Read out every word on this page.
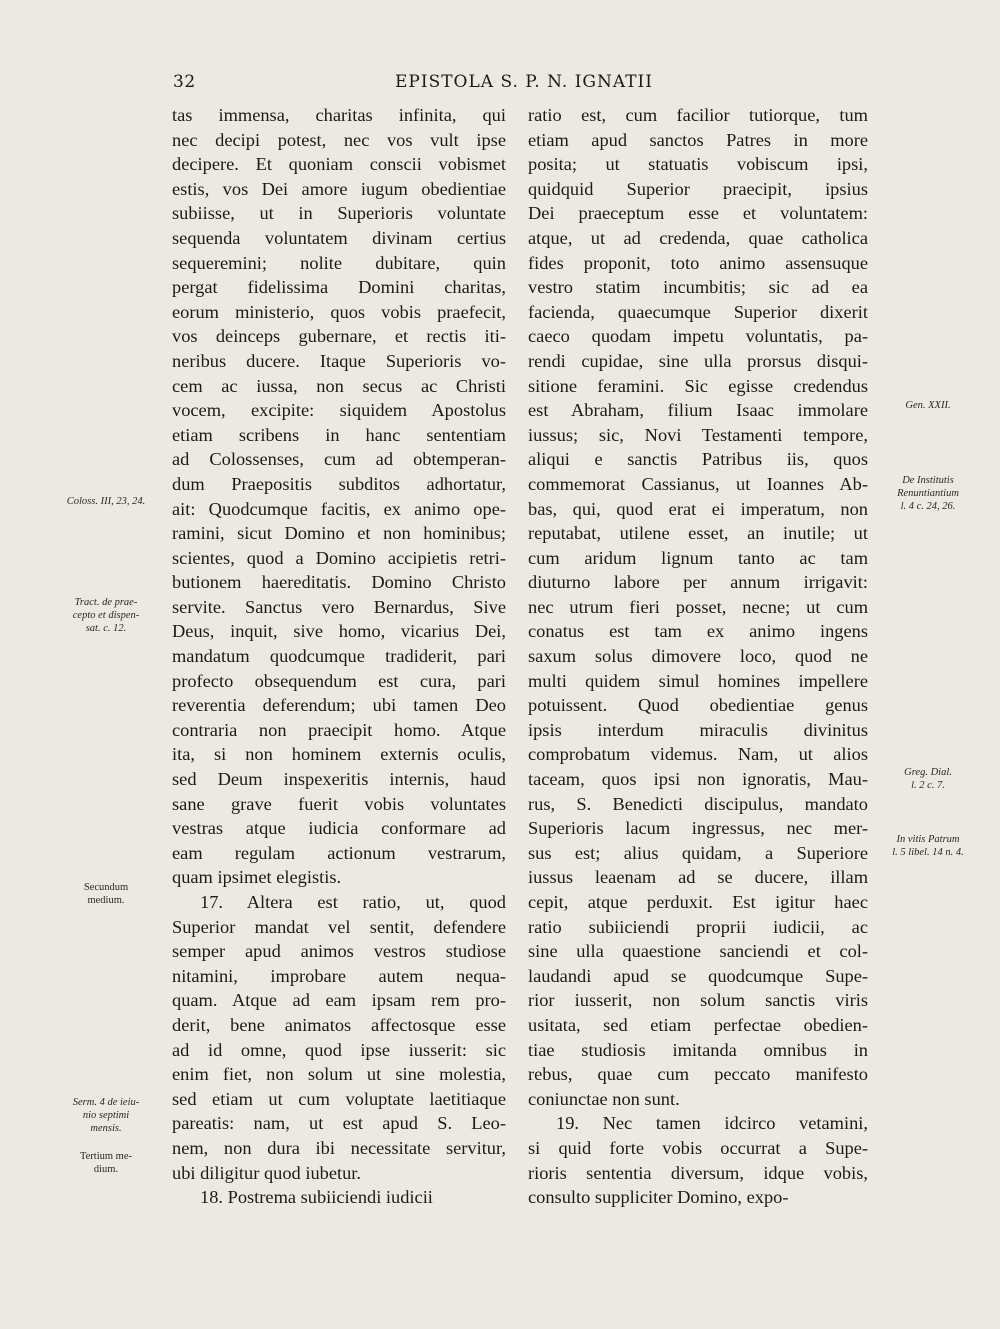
32	EPISTOLA S. P. N. IGNATII
tas immensa, charitas infinita, qui
nec decipi potest, nec vos vult ipse
decipere. Et quoniam conscii vobismet
estis, vos Dei amore iugum obedientiae
subiisse, ut in Superioris voluntate
sequenda voluntatem divinam certius
sequeremini; nolite dubitare, quin
pergat fidelissima Domini charitas,
eorum ministerio, quos vobis praefecit,
vos deinceps gubernare, et rectis iti-
neribus ducere. Itaque Superioris vo-
cem ac iussa, non secus ac Christi
vocem, excipite: siquidem Apostolus
etiam scribens in hanc sententiam
ad Colossenses, cum ad obtemperan-
dum Praepositis subditos adhortatur,
ait: Quodcumque facitis, ex animo ope-
ramini, sicut Domino et non hominibus;
scientes, quod a Domino accipietis retri-
butionem haereditatis. Domino Christo
servite. Sanctus vero Bernardus, Sive
Deus, inquit, sive homo, vicarius Dei,
mandatum quodcumque tradiderit, pari
profecto obsequendum est cura, pari
reverentia deferendum; ubi tamen Deo
contraria non praecipit homo. Atque
ita, si non hominem externis oculis,
sed Deum inspexeritis internis, haud
sane grave fuerit vobis voluntates
vestras atque iudicia conformare ad
eam regulam actionum vestrarum,
quam ipsimet elegistis.
17. Altera est ratio, ut, quod
Superior mandat vel sentit, defendere
semper apud animos vestros studiose
nitamini, improbare autem nequa-
quam. Atque ad eam ipsam rem pro-
derit, bene animatos affectosque esse
ad id omne, quod ipse iusserit: sic
enim fiet, non solum ut sine molestia,
sed etiam ut cum voluptate laetitiaque
pareatis: nam, ut est apud S. Leo-
nem, non dura ibi necessitate servitur,
ubi diligitur quod iubetur.
18. Postrema subiiciendi iudicii
ratio est, cum facilior tutiorque, tum
etiam apud sanctos Patres in more
posita; ut statuatis vobiscum ipsi,
quidquid Superior praecipit, ipsius
Dei praeceptum esse et voluntatem:
atque, ut ad credenda, quae catholica
fides proponit, toto animo assensuque
vestro statim incumbitis; sic ad ea
facienda, quaecumque Superior dixerit
caeco quodam impetu voluntatis, pa-
rendi cupidae, sine ulla prorsus disqui-
sitione feramini. Sic egisse credendus
est Abraham, filium Isaac immolare
iussus; sic, Novi Testamenti tempore,
aliqui e sanctis Patribus iis, quos
commemorat Cassianus, ut Ioannes Ab-
bas, qui, quod erat ei imperatum, non
reputabat, utilene esset, an inutile; ut
cum aridum lignum tanto ac tam
diuturno labore per annum irrigavit:
nec utrum fieri posset, necne; ut cum
conatus est tam ex animo ingens
saxum solus dimovere loco, quod ne
multi quidem simul homines impellere
potuissent. Quod obedientiae genus
ipsis interdum miraculis divinitus
comprobatum videmus. Nam, ut alios
taceam, quos ipsi non ignoratis, Mau-
rus, S. Benedicti discipulus, mandato
Superioris lacum ingressus, nec mer-
sus est; alius quidam, a Superiore
iussus leaenam ad se ducere, illam
cepit, atque perduxit. Est igitur haec
ratio subiiciendi proprii iudicii, ac
sine ulla quaestione sanciendi et col-
laudandi apud se quodcumque Supe-
rior iusserit, non solum sanctis viris
usitata, sed etiam perfectae obedien-
tiae studiosis imitanda omnibus in
rebus, quae cum peccato manifesto
coniunctae non sunt.
19. Nec tamen idcirco vetamini,
si quid forte vobis occurrat a Supe-
rioris sententia diversum, idque vobis,
consulto suppliciter Domino, expo-
Coloss. III, 23, 24.
Tract. de prae-
cepto et dispen-
sat. c. 12.
Secundum
medium.
Serm. 4 de ieiu-
nio septimi
mensis.
Tertium me-
dium.
Gen. XXII.
De Institutis
Renuntiantium
l. 4 c. 24, 26.
Greg. Dial.
l. 2 c. 7.
In vitis Patrum
l. 5 libel. 14 n. 4.
